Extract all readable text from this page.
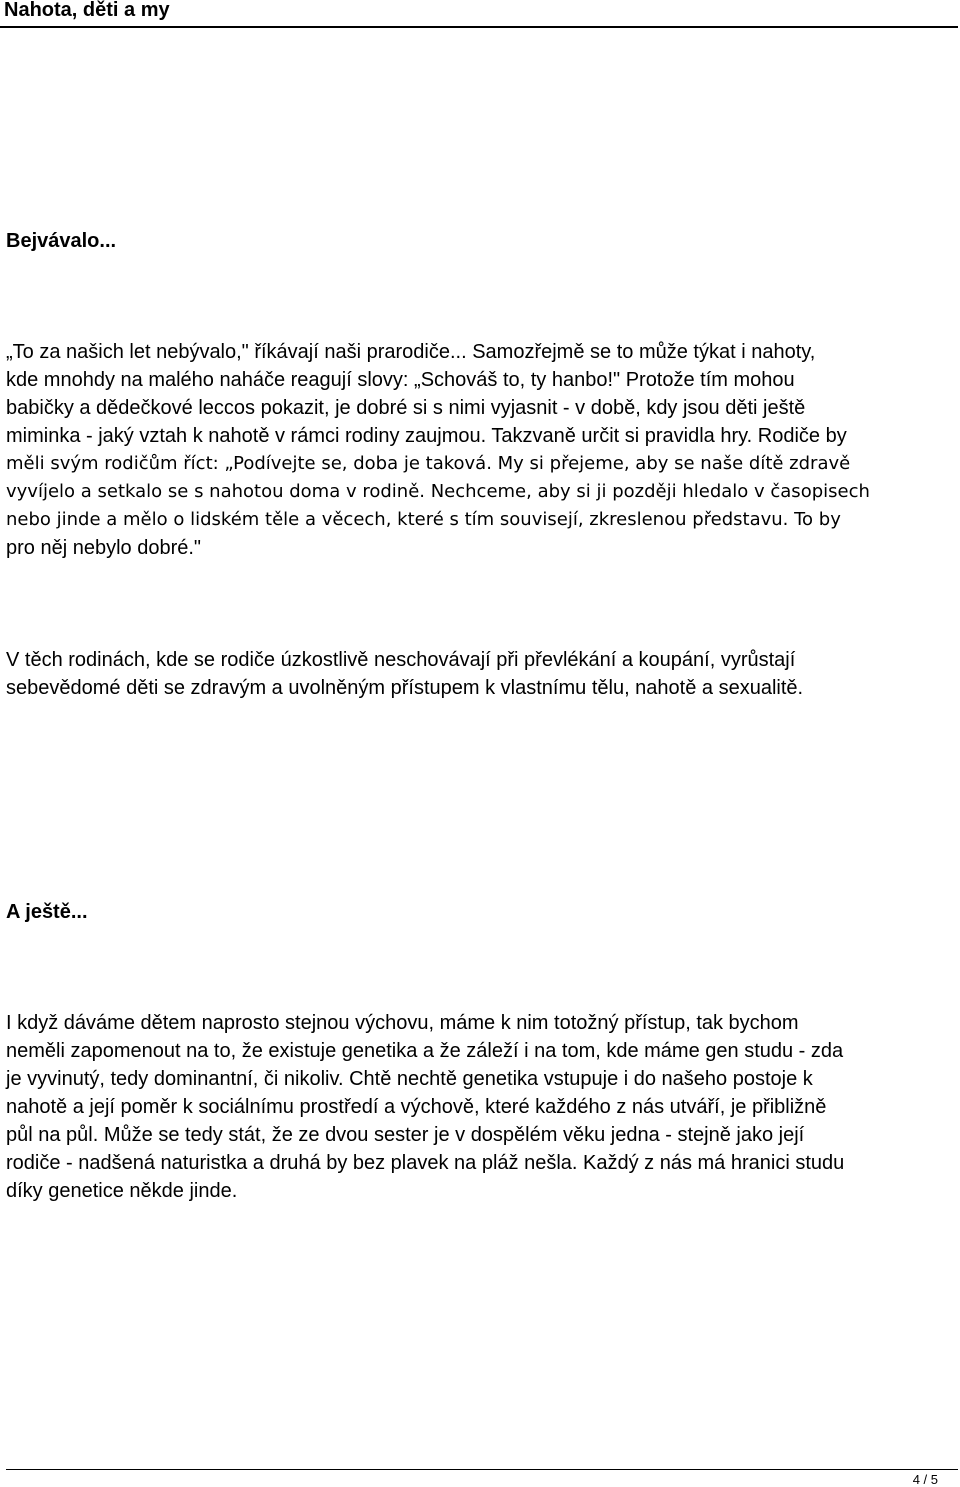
Nahota, děti a my
Bejvávalo...
„To za našich let nebývalo," říkávají naši prarodiče... Samozřejmě se to může týkat i nahoty,
kde mnohdy na malého naháče reagují slovy: „Schováš to, ty hanbo!" Protože tím mohou
babičky a dědečkové leccos pokazit, je dobré si s nimi vyjasnit - v době, kdy jsou děti ještě
miminka - jaký vztah k nahotě v rámci rodiny zaujmou. Takzvaně určit si pravidla hry. Rodiče by
měli svým rodičům říct: „Podívejte se, doba je taková. My si přejeme, aby se naše dítě zdravě
vyvíjelo a setkalo se s nahotou doma v rodině. Nechceme, aby si ji později hledalo v časopisech
nebo jinde a mělo o lidském těle a věcech, které s tím souvisejí, zkreslenou představu. To by
pro něj nebylo dobré."
V těch rodinách, kde se rodiče úzkostlivě neschovávají při převlékání a koupání, vyrůstají
sebevědomé děti se zdravým a uvolněným přístupem k vlastnímu tělu, nahotě a sexualitě.
A ještě...
I když dáváme dětem naprosto stejnou výchovu, máme k nim totožný přístup, tak bychom
neměli zapomenout na to, že existuje genetika a že záleží i na tom, kde máme gen studu - zda
je vyvinutý, tedy dominantní, či nikoliv. Chtě nechtě genetika vstupuje i do našeho postoje k
nahotě a její poměr k sociálnímu prostředí a výchově, které každého z nás utváří, je přibližně
půl na půl. Může se tedy stát, že ze dvou sester je v dospělém věku jedna - stejně jako její
rodiče - nadšená naturistka a druhá by bez plavek na pláž nešla. Každý z nás má hranici studu
díky genetice někde jinde.
4 / 5
